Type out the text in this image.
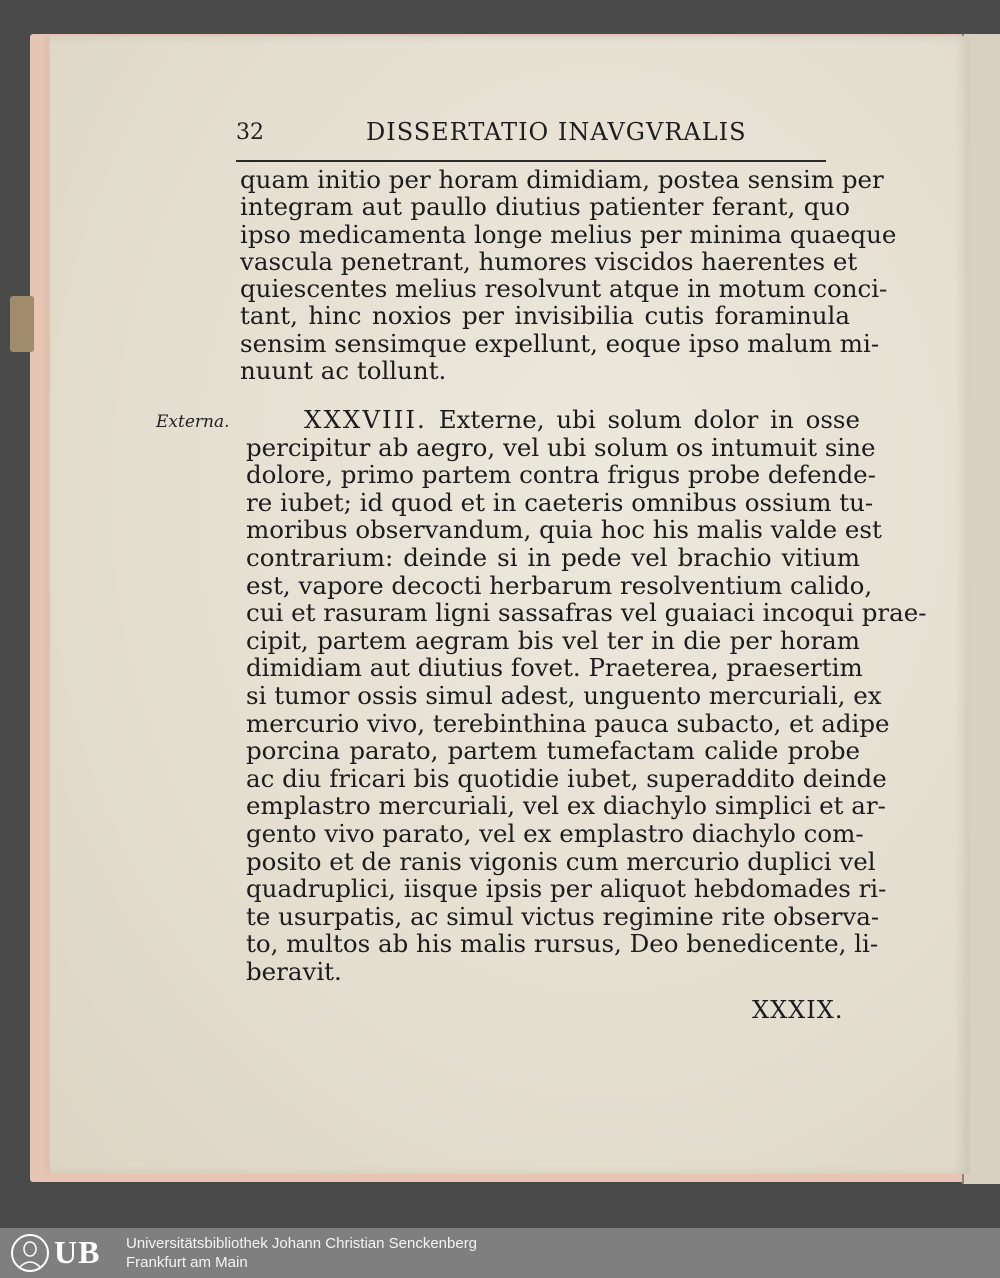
32	DISSERTATIO INAVGVRALIS
quam initio per horam dimidiam, postea sensim per
integram aut paullo diutius patienter ferant, quo
ipso medicamenta longe melius per minima quaeque
vascula penetrant, humores viscidos haerentes et
quiescentes melius resolvunt atque in motum conci-
tant, hinc noxios per invisibilia cutis foraminula
sensim sensimque expellunt, eoque ipso malum mi-
nuunt ac tollunt.
Externa.	XXXVIII. Externe, ubi solum dolor in osse
percipitur ab aegro, vel ubi solum os intumuit sine
dolore, primo partem contra frigus probe defende-
re iubet; id quod et in caeteris omnibus ossium tu-
moribus observandum, quia hoc his malis valde est
contrarium: deinde si in pede vel brachio vitium
est, vapore decocti herbarum resolventium calido,
cui et rasuram ligni sassafras vel guaiaci incoqui prae-
cipit, partem aegram bis vel ter in die per horam
dimidiam aut diutius fovet. Praeterea, praesertim
si tumor ossis simul adest, unguento mercuriali, ex
mercurio vivo, terebinthina pauca subacto, et adipe
porcina parato, partem tumefactam calide probe
ac diu fricari bis quotidie iubet, superaddito deinde
emplastro mercuriali, vel ex diachylo simplici et ar-
gento vivo parato, vel ex emplastro diachylo com-
posito et de ranis vigonis cum mercurio duplici vel
quadruplici, iisque ipsis per aliquot hebdomades ri-
te usurpatis, ac simul victus regimine rite observa-
to, multos ab his malis rursus, Deo benedicente, li-
beravit.
XXXIX.
UB Universitätsbibliothek Johann Christian Senckenberg
Frankfurt am Main
